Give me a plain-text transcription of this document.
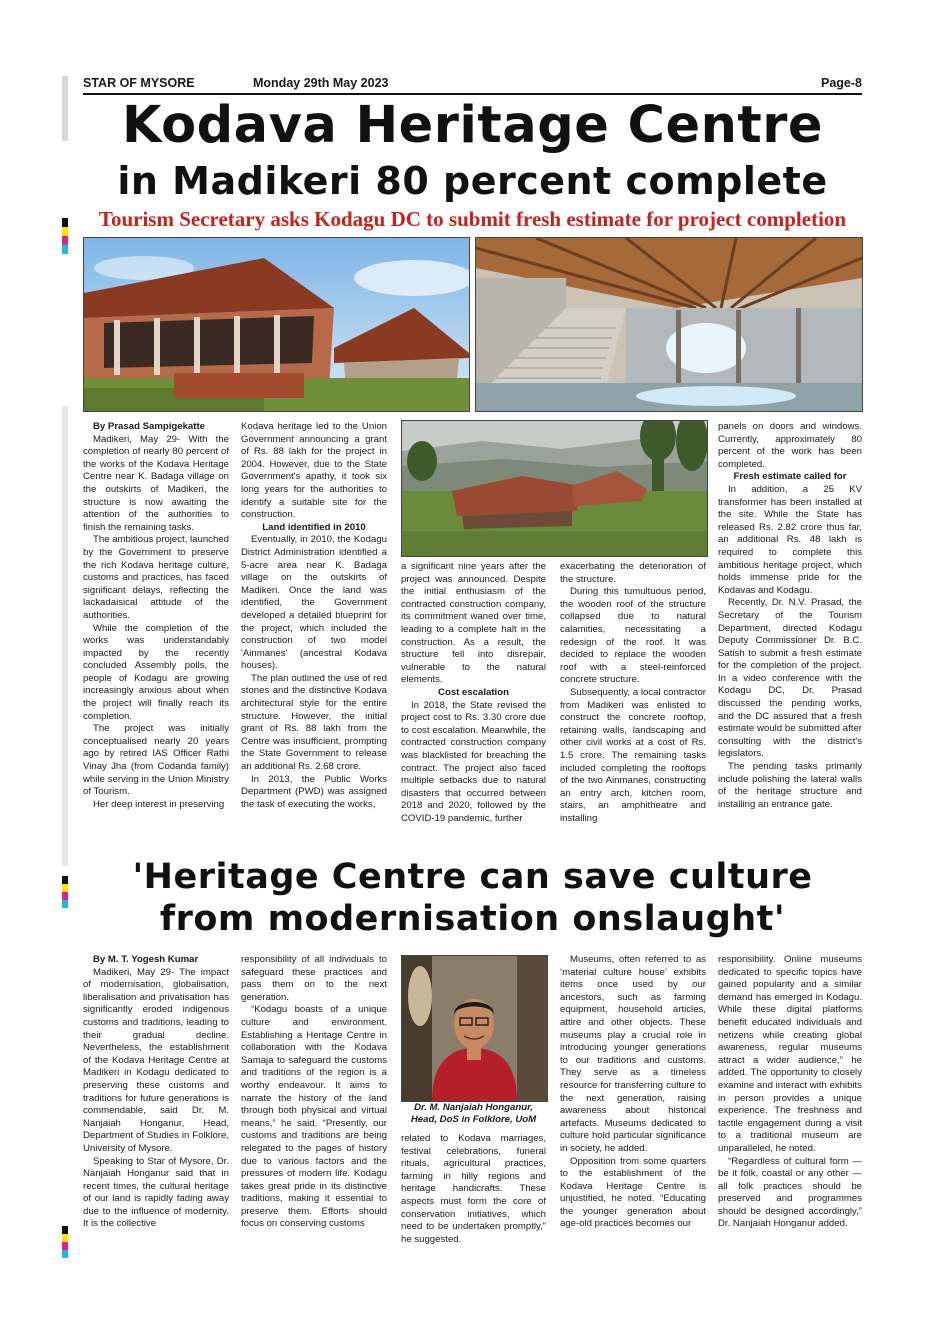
STAR OF MYSORE	Monday 29th May 2023	Page-8
Kodava Heritage Centre
in Madikeri 80 percent complete
Tourism Secretary asks Kodagu DC to submit fresh estimate for project completion

By Prasad Sampigekatte

Madikeri, May 29- With the completion of nearly 80 percent of the works of the Kodava Heritage Centre near K. Badaga village on the outskirts of Madikeri, the structure is now awaiting the attention of the authorities to finish the remaining tasks.

The ambitious project, launched by the Government to preserve the rich Kodava heritage culture, customs and practices, has faced significant delays, reflecting the lackadaisical attitude of the authorities.

While the completion of the works was understandably impacted by the recently concluded Assembly polls, the people of Kodagu are growing increasingly anxious about when the project will finally reach its completion.

The project was initially conceptualised nearly 20 years ago by retired IAS Officer Rathi Vinay Jha (from Codanda family) while serving in the Union Ministry of Tourism.

Her deep interest in preserving

Kodava heritage led to the Union Government announcing a grant of Rs. 88 lakh for the project in 2004. However, due to the State Government's apathy, it took six long years for the authorities to identify a suitable site for the construction.

Land identified in 2010

Eventually, in 2010, the Kodagu District Administration identified a 5-acre area near K. Badaga village on the outskirts of Madikeri. Once the land was identified, the Government developed a detailed blueprint for the project, which included the construction of two model 'Ainmanes' (ancestral Kodava houses).

The plan outlined the use of red stones and the distinctive Kodava architectural style for the entire structure. However, the initial grant of Rs. 88 lakh from the Centre was insufficient, prompting the State Government to release an additional Rs. 2.68 crore.

In 2013, the Public Works Department (PWD) was assigned the task of executing the works,

a significant nine years after the project was announced. Despite the initial enthusiasm of the contracted construction company, its commitment waned over time, leading to a complete halt in the construction. As a result, the structure fell into disrepair, vulnerable to the natural elements.

Cost escalation

In 2018, the State revised the project cost to Rs. 3.30 crore due to cost escalation. Meanwhile, the contracted construction company was blacklisted for breaching the contract. The project also faced multiple setbacks due to natural disasters that occurred between 2018 and 2020, followed by the COVID-19 pandemic, further

exacerbating the deterioration of the structure.

During this tumultuous period, the wooden roof of the structure collapsed due to natural calamities, necessitating a redesign of the roof. It was decided to replace the wooden roof with a steel-reinforced concrete structure.

Subsequently, a local contractor from Madikeri was enlisted to construct the concrete rooftop, retaining walls, landscaping and other civil works at a cost of Rs. 1.5 crore. The remaining tasks included completing the rooftops of the two Ainmanes, constructing an entry arch, kitchen room, stairs, an amphitheatre and installing

panels on doors and windows. Currently, approximately 80 percent of the work has been completed.

Fresh estimate called for

In addition, a 25 KV transformer has been installed at the site. While the State has released Rs. 2.82 crore thus far, an additional Rs. 48 lakh is required to complete this ambitious heritage project, which holds immense pride for the Kodavas and Kodagu.

Recently, Dr. N.V. Prasad, the Secretary of the Tourism Department, directed Kodagu Deputy Commissioner Dr. B.C. Satish to submit a fresh estimate for the completion of the project. In a video conference with the Kodagu DC, Dr. Prasad discussed the pending works, and the DC assured that a fresh estimate would be submitted after consulting with the district's legislators.

The pending tasks primarily include polishing the lateral walls of the heritage structure and installing an entrance gate.

'Heritage Centre can save culture
from modernisation onslaught'

By M. T. Yogesh Kumar

Madikeri, May 29- The impact of modernisation, globalisation, liberalisation and privatisation has significantly eroded indigenous customs and traditions, leading to their gradual decline. Nevertheless, the establishment of the Kodava Heritage Centre at Madikeri in Kodagu dedicated to preserving these customs and traditions for future generations is commendable, said Dr. M. Nanjaiah Honganur, Head, Department of Studies in Folklore, University of Mysore.

Speaking to Star of Mysore, Dr. Nanjaiah Honganur said that in recent times, the cultural heritage of our land is rapidly fading away due to the influence of modernity. It is the collective

responsibility of all individuals to safeguard these practices and pass them on to the next generation.

“Kodagu boasts of a unique culture and environment. Establishing a Heritage Centre in collaboration with the Kodava Samaja to safeguard the customs and traditions of the region is a worthy endeavour. It aims to narrate the history of the land through both physical and virtual means,” he said. “Presently, our customs and traditions are being relegated to the pages of history due to various factors and the pressures of modern life. Kodagu takes great pride in its distinctive traditions, making it essential to preserve them. Efforts should focus on conserving customs

Dr. M. Nanjaiah Honganur,
Head, DoS in Folklore, UoM

related to Kodava marriages, festival celebrations, funeral rituals, agricultural practices, farming in hilly regions and heritage handicrafts. These aspects must form the core of conservation initiatives, which need to be undertaken promptly,” he suggested.

Museums, often referred to as ‘material culture house’ exhibits items once used by our ancestors, such as farming equipment, household articles, attire and other objects. These museums play a crucial role in introducing younger generations to our traditions and customs. They serve as a timeless resource for transferring culture to the next generation, raising awareness about historical artefacts. Museums dedicated to culture hold particular significance in society, he added.

Opposition from some quarters to the establishment of the Kodava Heritage Centre is unjustified, he noted. “Educating the younger generation about age-old practices becomes our

responsibility. Online museums dedicated to specific topics have gained popularity and a similar demand has emerged in Kodagu. While these digital platforms benefit educated individuals and netizens while creating global awareness, regular museums attract a wider audience,” he added. The opportunity to closely examine and interact with exhibits in person provides a unique experience. The freshness and tactile engagement during a visit to a traditional museum are unparalleled, he noted.

“Regardless of cultural form — be it folk, coastal or any other — all folk practices should be preserved and programmes should be designed accordingly,” Dr. Nanjaiah Honganur added.
